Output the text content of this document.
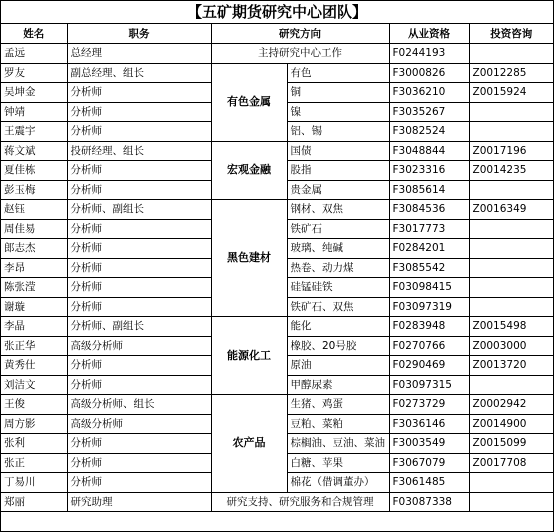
【五矿期货研究中心团队】
姓名	职务	研究方向		从业资格	投资咨询
孟远	总经理	主持研究中心工作		F0244193	
罗友	副总经理、组长	有色金属	有色	F3000826	Z0012285
吴坤金	分析师		铜	F3036210	Z0015924
钟靖	分析师		镍	F3035267	
王震宇	分析师		铝、锡	F3082524	
蒋文斌	投研经理、组长	宏观金融	国债	F3048844	Z0017196
夏佳栋	分析师		股指	F3023316	Z0014235
彭玉梅	分析师		贵金属	F3085614	
赵钰	分析师、副组长	黑色建材	钢材、双焦	F3084536	Z0016349
周佳易	分析师		铁矿石	F3017773	
郎志杰	分析师		玻璃、纯碱	F0284201	
李昂	分析师		热卷、动力煤	F3085542	
陈张滢	分析师		硅锰硅铁	F03098415	
谢璇	分析师		铁矿石、双焦	F03097319	
李晶	分析师、副组长	能源化工	能化	F0283948	Z0015498
张正华	高级分析师		橡胶、20号胶	F0270766	Z0003000
黄秀仕	分析师		原油	F0290469	Z0013720
刘洁文	分析师		甲醇尿素	F03097315	
王俊	高级分析师、组长	农产品	生猪、鸡蛋	F0273729	Z0002942
周方影	高级分析师		豆粕、菜粕	F3036146	Z0014900
张利	分析师		棕榈油、豆油、菜油	F3003549	Z0015099
张正	分析师		白糖、苹果	F3067079	Z0017708
丁易川	分析师		棉花（借调董办）	F3061485	
郑丽	研究助理	研究支持、研究服务和合规管理		F03087338	
